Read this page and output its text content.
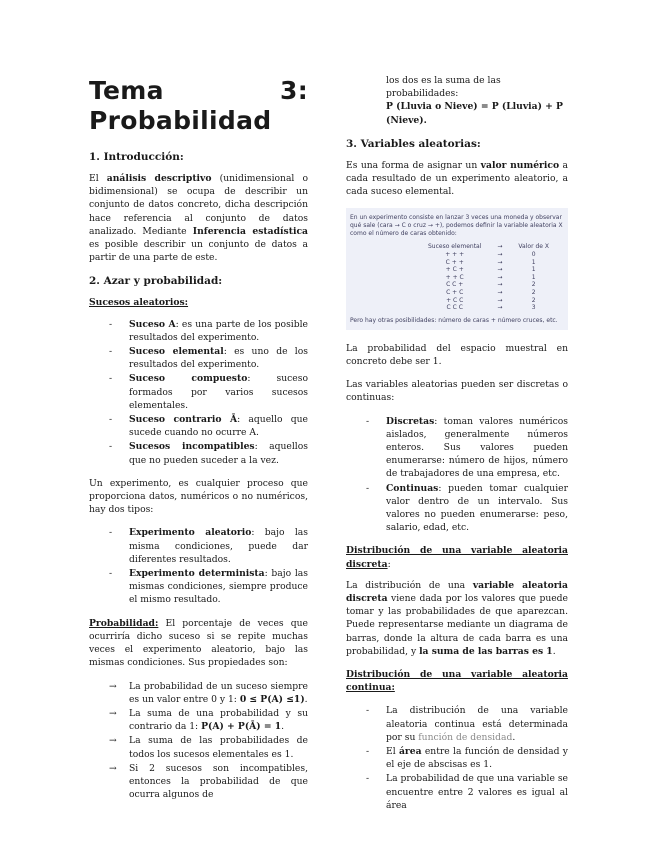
Tema	3:
Probabilidad
1. Introducción:

El análisis descriptivo (unidimensional o bidimensional) se ocupa de describir un conjunto de datos concreto, dicha descripción hace referencia al conjunto de datos analizado. Mediante Inferencia estadística es posible describir un conjunto de datos a partir de una parte de este.

2. Azar y probabilidad:

Sucesos aleatorios:

- Suceso A: es una parte de los posible resultados del experimento.
- Suceso elemental: es uno de los resultados del experimento.
- Suceso compuesto: suceso formados por varios sucesos elementales.
- Suceso contrario Ā: aquello que sucede cuando no ocurre A.
- Sucesos incompatibles: aquellos que no pueden suceder a la vez.

Un experimento, es cualquier proceso que proporciona datos, numéricos o no numéricos, hay dos tipos:

- Experimento aleatorio: bajo las misma condiciones, puede dar diferentes resultados.
- Experimento determinista: bajo las mismas condiciones, siempre produce el mismo resultado.

Probabilidad: El porcentaje de veces que ocurriría dicho suceso si se repite muchas veces el experimento aleatorio, bajo las mismas condiciones. Sus propiedades son:

→ La probabilidad de un suceso siempre es un valor entre 0 y 1: 0 ≤ P(A) ≤1).
→ La suma de una probabilidad y su contrario da 1: P(A) + P(Ā) = 1.
→ La suma de las probabilidades de todos los sucesos elementales es 1.
→ Si 2 sucesos son incompatibles, entonces la probabilidad de que ocurra algunos de

los dos es la suma de las probabilidades:
P (Lluvia o Nieve) = P (Lluvia) + P (Nieve).

3. Variables aleatorias:

Es una forma de asignar un valor numérico a cada resultado de un experimento aleatorio, a cada suceso elemental.

En un experimento consiste en lanzar 3 veces una moneda y observar qué sale (cara → C o cruz → +), podemos definir la variable aleatoria X como el número de caras obtenido:
Suceso elemental	→	Valor de X
+ + +	→	0
C + +	→	1
+ C +	→	1
+ + C	→	1
C C +	→	2
C + C	→	2
+ C C	→	2
C C C	→	3
Pero hay otras posibilidades: número de caras + número cruces, etc.

La probabilidad del espacio muestral en concreto debe ser 1.

Las variables aleatorias pueden ser discretas o continuas:

- Discretas: toman valores numéricos aislados, generalmente números enteros. Sus valores pueden enumerarse: número de hijos, número de trabajadores de una empresa, etc.
- Continuas: pueden tomar cualquier valor dentro de un intervalo. Sus valores no pueden enumerarse: peso, salario, edad, etc.

Distribución de una variable aleatoria discreta:

La distribución de una variable aleatoria discreta viene dada por los valores que puede tomar y las probabilidades de que aparezcan. Puede representarse mediante un diagrama de barras, donde la altura de cada barra es una probabilidad, y la suma de las barras es 1.

Distribución de una variable aleatoria continua:

- La distribución de una variable aleatoria continua está determinada por su función de densidad.
- El área entre la función de densidad y el eje de abscisas es 1.
- La probabilidad de que una variable se encuentre entre 2 valores es igual al área
